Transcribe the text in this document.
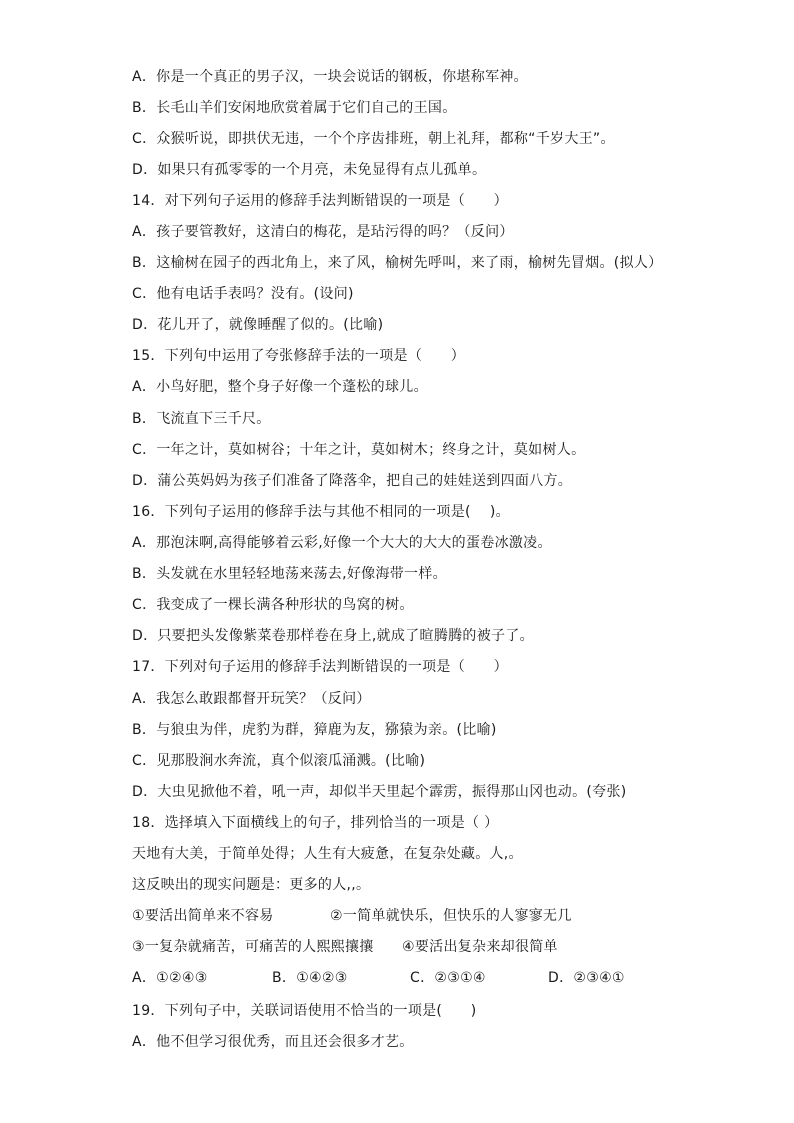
A．你是一个真正的男子汉，一块会说话的钢板，你堪称军神。
B．长毛山羊们安闲地欣赏着属于它们自己的王国。
C．众猴听说，即拱伏无违，一个个序齿排班，朝上礼拜，都称“千岁大王”。
D．如果只有孤零零的一个月亮，未免显得有点儿孤单。
14．对下列句子运用的修辞手法判断错误的一项是（　　）
A．孩子要管教好，这清白的梅花，是玷污得的吗？（反问）
B．这榆树在园子的西北角上，来了风，榆树先呼叫，来了雨，榆树先冒烟。(拟人）
C．他有电话手表吗？没有。(设问)
D．花儿开了，就像睡醒了似的。(比喻)
15．下列句中运用了夸张修辞手法的一项是（　　）
A．小鸟好肥，整个身子好像一个蓬松的球儿。
B．飞流直下三千尺。
C．一年之计，莫如树谷；十年之计，莫如树木；终身之计，莫如树人。
D．蒲公英妈妈为孩子们准备了降落伞，把自己的娃娃送到四面八方。
16．下列句子运用的修辞手法与其他不相同的一项是(　 )。
A．那泡沫啊,高得能够着云彩,好像一个大大的大大的蛋卷冰激凌。
B．头发就在水里轻轻地荡来荡去,好像海带一样。
C．我变成了一棵长满各种形状的鸟窝的树。
D．只要把头发像紫菜卷那样卷在身上,就成了暄腾腾的被子了。
17．下列对句子运用的修辞手法判断错误的一项是（　　）
A．我怎么敢跟都督开玩笑？（反问）
B．与狼虫为伴，虎豹为群，獐鹿为友，猕猿为亲。(比喻)
C．见那股涧水奔流，真个似滚瓜涌溅。(比喻)
D．大虫见掀他不着，吼一声，却似半天里起个霹雳，振得那山冈也动。(夸张)
18．选择填入下面横线上的句子，排列恰当的一项是（ ）
天地有大美，于简单处得；人生有大疲惫，在复杂处藏。人,。
这反映出的现实问题是：更多的人,,。
①要活出简单来不容易	②一简单就快乐，但快乐的人寥寥无几
③一复杂就痛苦，可痛苦的人熙熙攘攘 ④要活出复杂来却很简单
A．①②④③	B．①④②③	C．②③①④	D．②③④①
19．下列句子中，关联词语使用不恰当的一项是(　　)
A．他不但学习很优秀，而且还会很多才艺。
